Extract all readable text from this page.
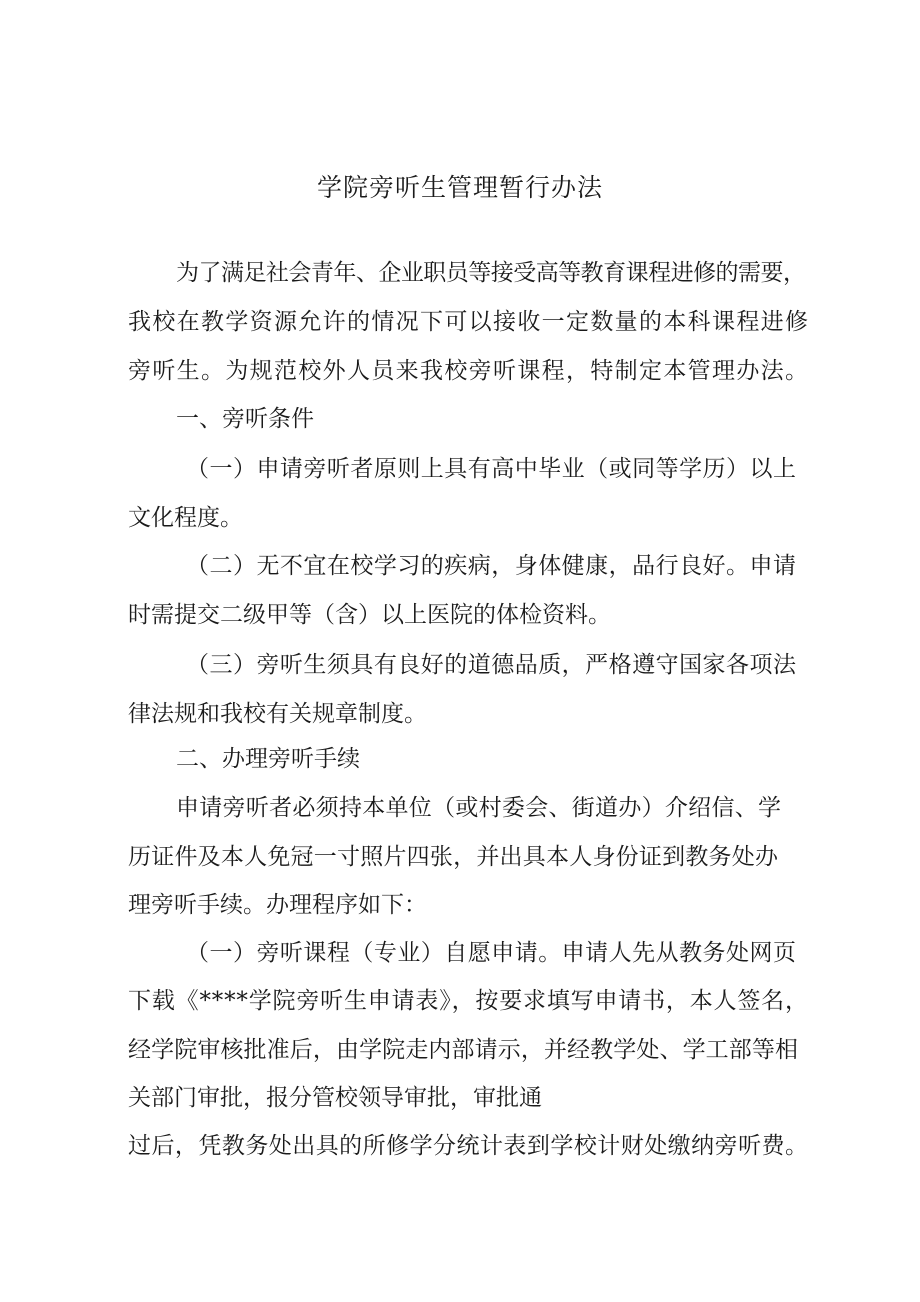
学院旁听生管理暂行办法
为了满足社会青年、企业职员等接受高等教育课程进修的需要，
我校在教学资源允许的情况下可以接收一定数量的本科课程进修
旁听生。为规范校外人员来我校旁听课程，特制定本管理办法。
一、旁听条件
（一）申请旁听者原则上具有高中毕业（或同等学历）以上
文化程度。
（二）无不宜在校学习的疾病，身体健康，品行良好。申请
时需提交二级甲等（含）以上医院的体检资料。
（三）旁听生须具有良好的道德品质，严格遵守国家各项法
律法规和我校有关规章制度。
二、办理旁听手续
申请旁听者必须持本单位（或村委会、街道办）介绍信、学
历证件及本人免冠一寸照片四张，并出具本人身份证到教务处办
理旁听手续。办理程序如下：
（一）旁听课程（专业）自愿申请。申请人先从教务处网页
下载《****学院旁听生申请表》，按要求填写申请书，本人签名，
经学院审核批准后，由学院走内部请示，并经教学处、学工部等相
关部门审批，报分管校领导审批，审批通
过后，凭教务处出具的所修学分统计表到学校计财处缴纳旁听费。
